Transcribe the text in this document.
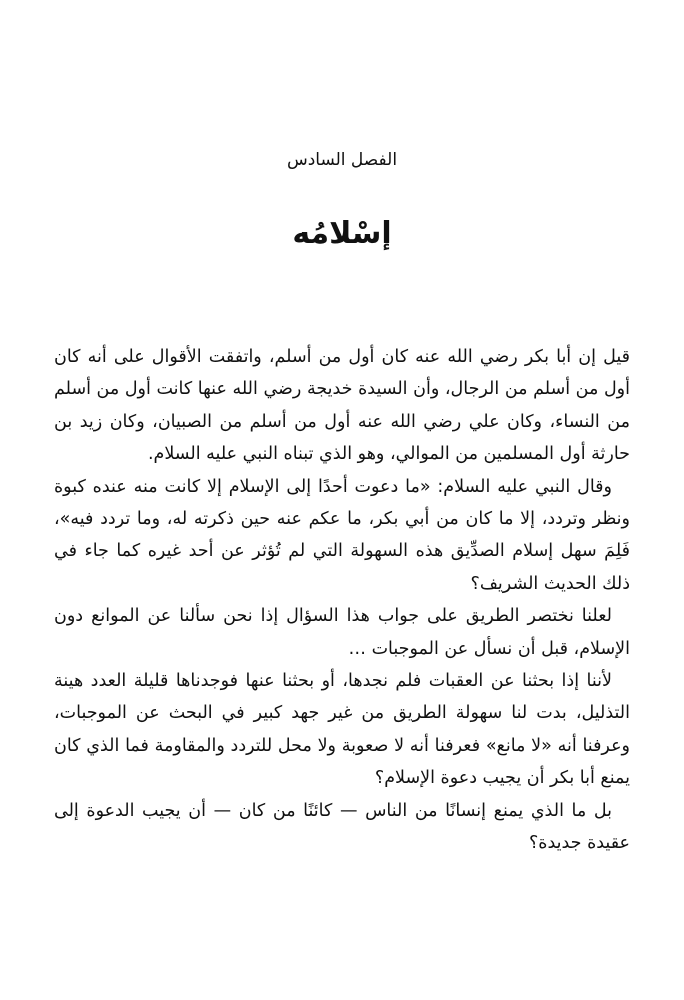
الفصل السادس
إسْلامُه

قيل إن أبا بكر رضي الله عنه كان أول من أسلم، واتفقت الأقوال على أنه كان أول من أسلم من الرجال، وأن السيدة خديجة رضي الله عنها كانت أول من أسلم من النساء، وكان علي رضي الله عنه أول من أسلم من الصبيان، وكان زيد بن حارثة أول المسلمين من الموالي، وهو الذي تبناه النبي عليه السلام.

وقال النبي عليه السلام: «ما دعوت أحدًا إلى الإسلام إلا كانت منه عنده كبوة ونظر وتردد، إلا ما كان من أبي بكر، ما عكم عنه حين ذكرته له، وما تردد فيه»، فَلِمَ سهل إسلام الصدِّيق هذه السهولة التي لم تُؤثر عن أحد غيره كما جاء في ذلك الحديث الشريف؟

لعلنا نختصر الطريق على جواب هذا السؤال إذا نحن سألنا عن الموانع دون الإسلام، قبل أن نسأل عن الموجبات …

لأننا إذا بحثنا عن العقبات فلم نجدها، أو بحثنا عنها فوجدناها قليلة العدد هينة التذليل، بدت لنا سهولة الطريق من غير جهد كبير في البحث عن الموجبات، وعرفنا أنه «لا مانع» فعرفنا أنه لا صعوبة ولا محل للتردد والمقاومة فما الذي كان يمنع أبا بكر أن يجيب دعوة الإسلام؟

بل ما الذي يمنع إنسانًا من الناس — كائنًا من كان — أن يجيب الدعوة إلى عقيدة جديدة؟
